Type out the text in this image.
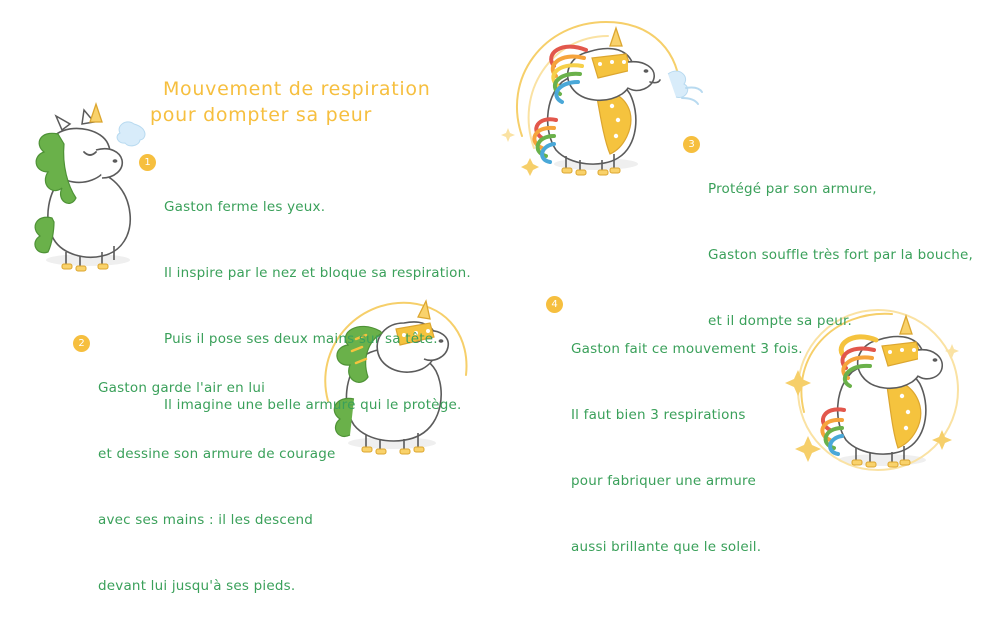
Mouvement de respiration
pour dompter sa peur

1

Gaston ferme les yeux.

Il inspire par le nez et bloque sa respiration.

Puis il pose ses deux mains sur sa tête.

Il imagine une belle armure qui le protège.

2

Gaston garde l'air en lui

et dessine son armure de courage

avec ses mains : il les descend

devant lui jusqu'à ses pieds.

3

Protégé par son armure,

Gaston souffle très fort par la bouche,

et il dompte sa peur.

4

Gaston fait ce mouvement 3 fois.

Il faut bien 3 respirations

pour fabriquer une armure

aussi brillante que le soleil.
